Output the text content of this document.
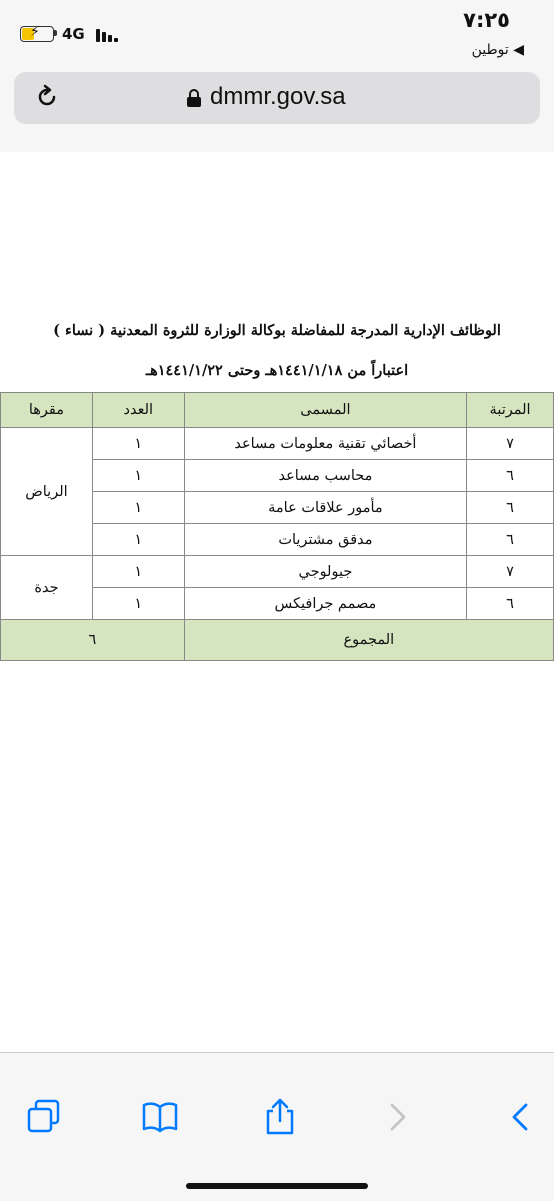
⚡ 4G
٧:٢٥
◀ توطين
dmmr.gov.sa
الوظائف الإدارية المدرجة للمفاضلة بوكالة الوزارة للثروة المعدنية ( نساء )
اعتباراً من ١٤٤١/١/١٨هـ وحتى ١٤٤١/١/٢٢هـ
المرتبة	المسمى	العدد	مقرها
٧	أخصائي تقنية معلومات مساعد	١	الرياض
٦	محاسب مساعد	١	
٦	مأمور علاقات عامة	١	
٦	مدقق مشتريات	١	
٧	جيولوجي	١	جدة
٦	مصمم جرافيكس	١	
المجموع		٦	
